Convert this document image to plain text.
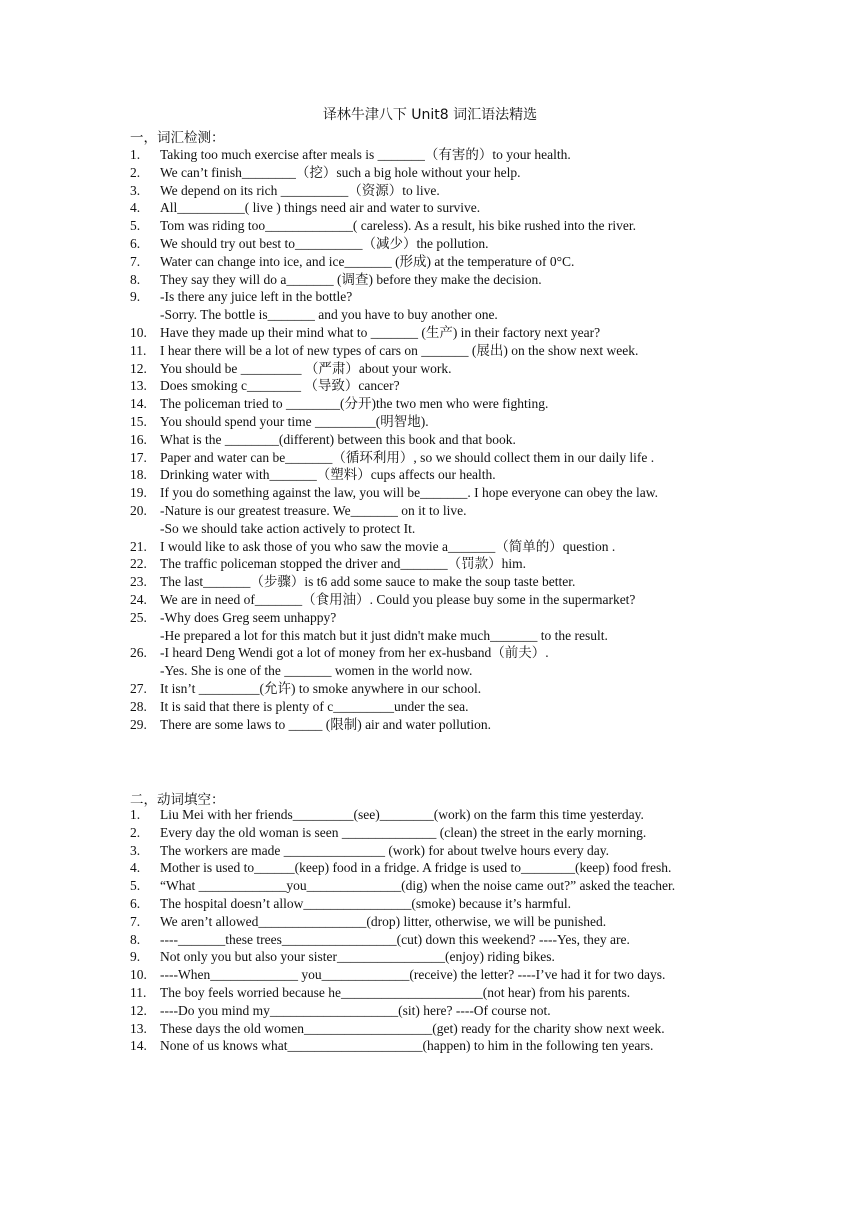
译林牛津八下 Unit8 词汇语法精选
一，词汇检测：
1.	Taking too much exercise after meals is _______（有害的）to your health.
2.	We can’t finish________（挖）such a big hole without your help.
3.	We depend on its rich __________（资源）to live.
4.	All__________( live ) things need air and water to survive.
5.	Tom was riding too_____________( careless). As a result, his bike rushed into the river.
6.	We should try out best to__________（减少）the pollution.
7.	Water can change into ice, and ice_______ (形成) at the temperature of 0°C.
8.	They say they will do a_______ (调查) before they make the decision.
9.	-Is there any juice left in the bottle?
-Sorry. The bottle is_______ and you have to buy another one.
10. Have they made up their mind what to _______ (生产) in their factory next year?
11.	I hear there will be a lot of new types of cars on _______ (展出) on the show next week.
12. You should be _________ （严肃）about your work.
13. Does smoking c________ （导致）cancer?
14. The policeman tried to ________(分开)the two men who were fighting.
15. You should spend your time _________(明智地).
16. What is the ________(different) between this book and that book.
17. Paper and water can be_______（循环利用）, so we should collect them in our daily life .
18. Drinking water with_______（塑料）cups affects our health.
19. If you do something against the law, you will be_______. I hope everyone can obey the law.
20. -Nature is our greatest treasure. We_______ on it to live.
-So we should take action actively to protect It.
21. I would like to ask those of you who saw the movie a_______（简单的）question .
22. The traffic policeman stopped the driver and_______（罚款）him.
23. The last_______（步骤）is t6 add some sauce to make the soup taste better.
24. We are in need of_______（食用油）. Could you please buy some in the supermarket?
25. -Why does Greg seem unhappy?
-He prepared a lot for this match but it just didn't make much_______ to the result.
26. -I heard Deng Wendi got a lot of money from her ex-husband（前夫）.
-Yes. She is one of the _______ women in the world now.
27. It isn’t _________(允许) to smoke anywhere in our school.
28. It is said that there is plenty of c_________under the sea.
29. There are some laws to _____ (限制) air and water pollution.
二，动词填空：
1.	Liu Mei with her friends_________(see)________(work) on the farm this time yesterday.
2.	Every day the old woman is seen ______________ (clean) the street in the early morning.
3.	The workers are made _______________ (work) for about twelve hours every day.
4.	Mother is used to______(keep) food in a fridge. A fridge is used to________(keep) food fresh.
5.	“What _____________you______________(dig) when the noise came out?” asked the teacher.
6.	The hospital doesn’t allow________________(smoke) because it’s harmful.
7.	We aren’t allowed________________(drop) litter, otherwise, we will be punished.
8.	----_______these trees_________________(cut) down this weekend? ----Yes, they are.
9.	Not only you but also your sister________________(enjoy) riding bikes.
10. ----When_____________ you_____________(receive) the letter? ----I’ve had it for two days.
11.	The boy feels worried because he_____________________(not hear) from his parents.
12. ----Do you mind my___________________(sit) here? ----Of course not.
13. These days the old women___________________(get) ready for the charity show next week.
14. None of us knows what____________________(happen) to him in the following ten years.
